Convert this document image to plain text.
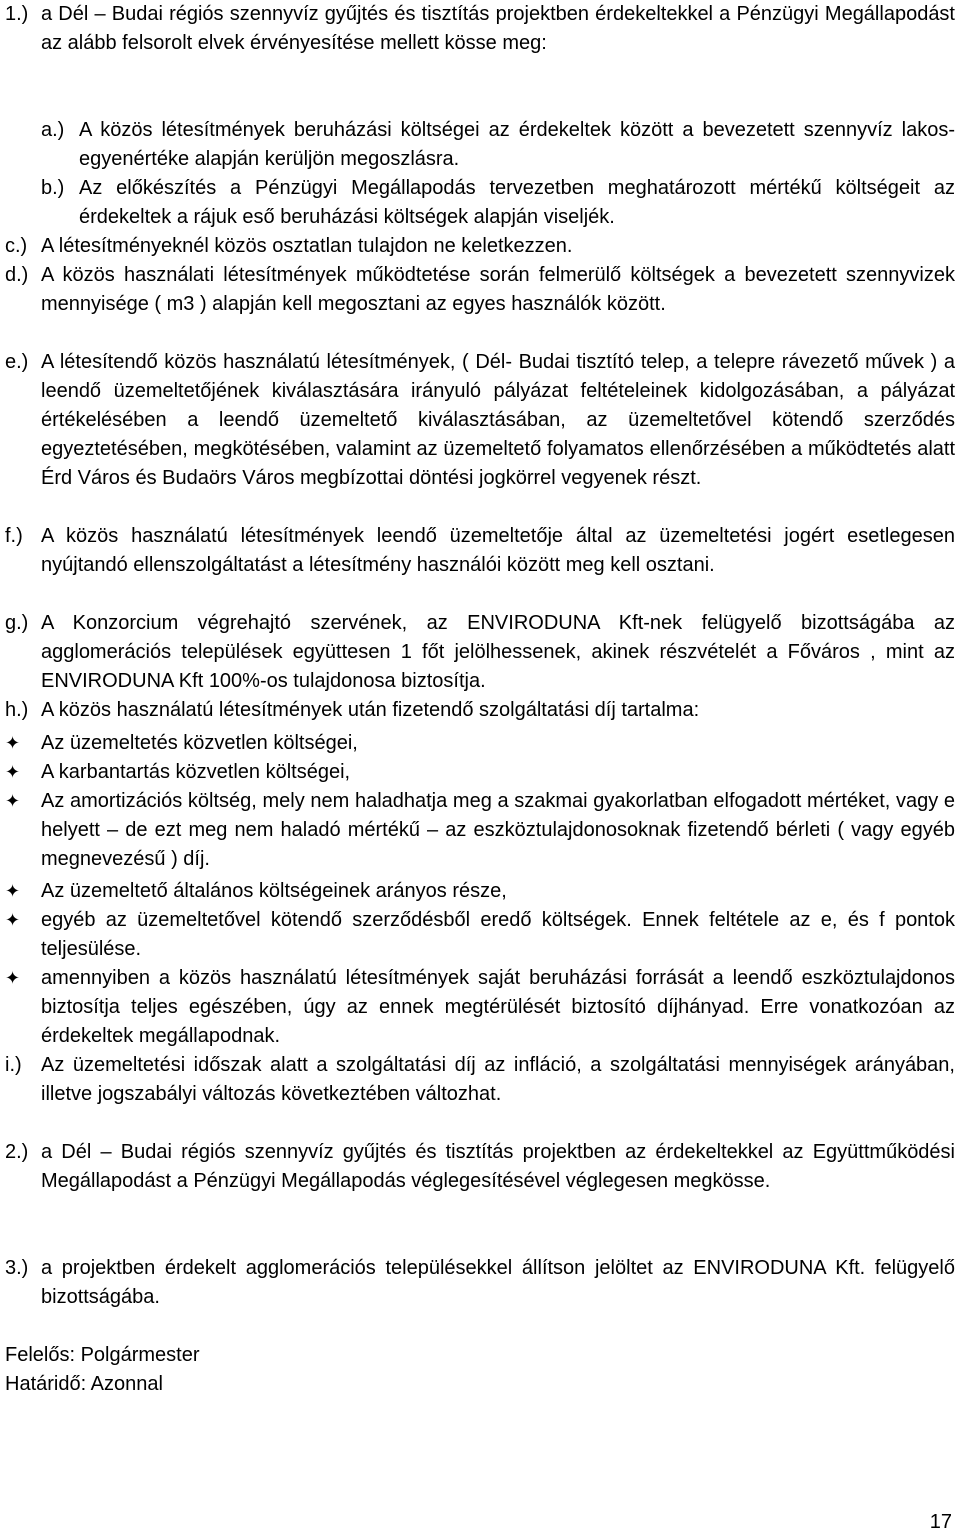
1.) a Dél – Budai régiós szennyvíz gyűjtés és tisztítás projektben érdekeltekkel a Pénzügyi Megállapodást az alább felsorolt elvek érvényesítése mellett kösse meg:
a.) A közös létesítmények beruházási költségei az érdekeltek között a bevezetett szennyvíz lakos-egyenértéke alapján kerüljön megoszlásra.
b.) Az előkészítés a Pénzügyi Megállapodás tervezetben meghatározott mértékű költségeit az érdekeltek a rájuk eső beruházási költségek alapján viseljék.
c.) A létesítményeknél közös osztatlan tulajdon ne keletkezzen.
d.) A közös használati létesítmények működtetése során felmerülő költségek a bevezetett szennyvizek mennyisége ( m3 ) alapján kell megosztani az egyes használók között.
e.) A létesítendő közös használatú létesítmények, ( Dél- Budai tisztító telep, a telepre rávezető művek ) a leendő üzemeltetőjének kiválasztására irányuló pályázat feltételeinek kidolgozásában, a pályázat értékelésében a leendő üzemeltető kiválasztásában, az üzemeltetővel kötendő szerződés egyeztetésében, megkötésében, valamint az üzemeltető folyamatos ellenőrzésében a működtetés alatt Érd Város és Budaörs Város megbízottai döntési jogkörrel vegyenek részt.
f.) A közös használatú létesítmények leendő üzemeltetője által az üzemeltetési jogért esetlegesen nyújtandó ellenszolgáltatást a létesítmény használói között meg kell osztani.
g.) A Konzorcium végrehajtó szervének, az ENVIRODUNA Kft-nek felügyelő bizottságába az agglomerációs települések együttesen 1 főt jelölhessenek, akinek részvételét a Főváros , mint az ENVIRODUNA Kft 100%-os tulajdonosa biztosítja.
h.) A közös használatú létesítmények után fizetendő szolgáltatási díj tartalma:
✦	Az üzemeltetés közvetlen költségei,
✦	A karbantartás közvetlen költségei,
✦	Az amortizációs költség, mely nem haladhatja meg a szakmai gyakorlatban elfogadott mértéket, vagy e helyett – de ezt meg nem haladó mértékű – az eszköztulajdonosoknak fizetendő bérleti ( vagy egyéb megnevezésű ) díj.
✦	Az üzemeltető általános költségeinek arányos része,
✦	egyéb az üzemeltetővel kötendő szerződésből eredő költségek. Ennek feltétele az e, és f pontok teljesülése.
✦	amennyiben a közös használatú létesítmények saját beruházási forrását a leendő eszköztulajdonos biztosítja teljes egészében, úgy az ennek megtérülését biztosító díjhányad. Erre vonatkozóan az érdekeltek megállapodnak.
i.) Az üzemeltetési időszak alatt a szolgáltatási díj az infláció, a szolgáltatási mennyiségek arányában, illetve jogszabályi változás következtében változhat.
2.) a Dél – Budai régiós szennyvíz gyűjtés és tisztítás projektben az érdekeltekkel az Együttműködési Megállapodást a Pénzügyi Megállapodás véglegesítésével véglegesen megkösse.
3.) a projektben érdekelt agglomerációs településekkel állítson jelöltet az ENVIRODUNA Kft. felügyelő bizottságába.
Felelős: Polgármester
Határidő: Azonnal
17
